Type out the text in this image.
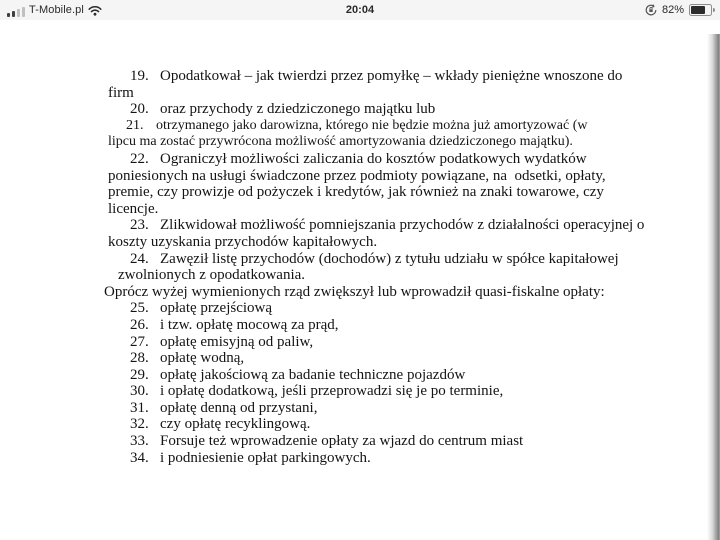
T-Mobile.pl	20:04	82%
19. Opodatkował – jak twierdzi przez pomyłkę – wkłady pieniężne wnoszone do
firm
20. oraz przychody z dziedziczonego majątku lub
21. otrzymanego jako darowizna, którego nie będzie można już amortyzować (w
lipcu ma zostać przywrócona możliwość amortyzowania dziedziczonego majątku).
22. Ograniczył możliwości zaliczania do kosztów podatkowych wydatków
poniesionych na usługi świadczone przez podmioty powiązane, na  odsetki, opłaty,
premie, czy prowizje od pożyczek i kredytów, jak również na znaki towarowe, czy
licencje.
23. Zlikwidował możliwość pomniejszania przychodów z działalności operacyjnej o
koszty uzyskania przychodów kapitałowych.
24. Zawęził listę przychodów (dochodów) z tytułu udziału w spółce kapitałowej
zwolnionych z opodatkowania.
Oprócz wyżej wymienionych rząd zwiększył lub wprowadził quasi-fiskalne opłaty:
25. opłatę przejściową
26. i tzw. opłatę mocową za prąd,
27. opłatę emisyjną od paliw,
28. opłatę wodną,
29. opłatę jakościową za badanie techniczne pojazdów
30. i opłatę dodatkową, jeśli przeprowadzi się je po terminie,
31. opłatę denną od przystani,
32. czy opłatę recyklingową.
33. Forsuje też wprowadzenie opłaty za wjazd do centrum miast
34. i podniesienie opłat parkingowych.
